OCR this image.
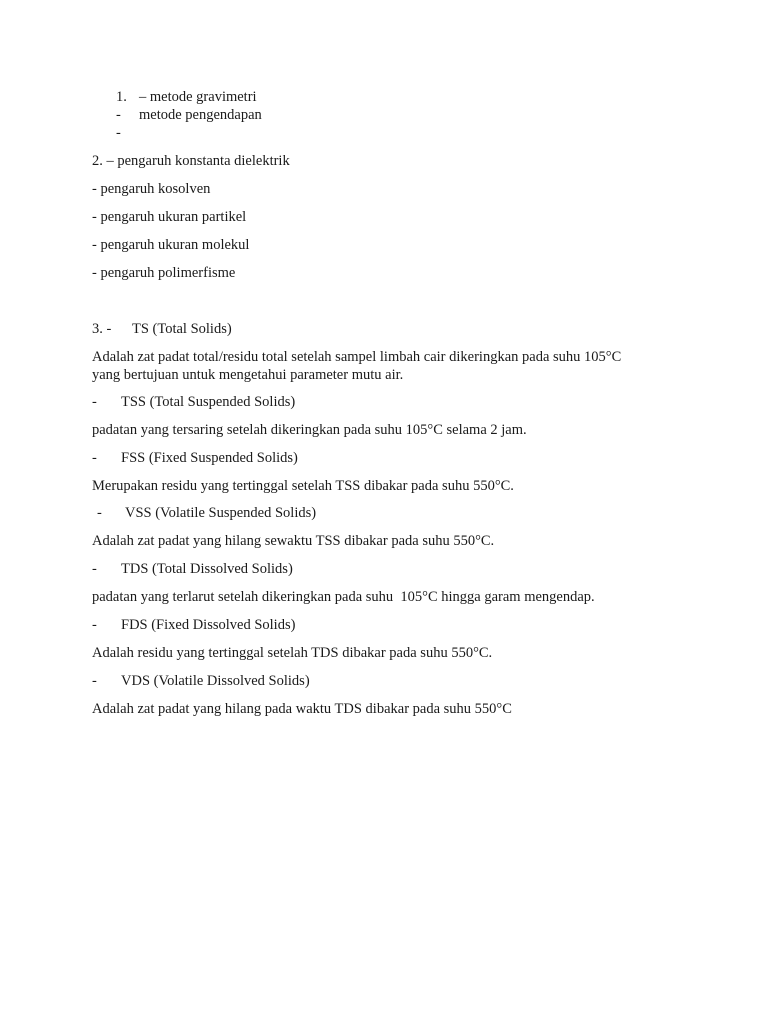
1. – metode gravimetri
- metode pengendapan
-
2. – pengaruh konstanta dielektrik
- pengaruh kosolven
- pengaruh ukuran partikel
- pengaruh ukuran molekul
- pengaruh polimerfisme
3. - TS (Total Solids)
Adalah zat padat total/residu total setelah sampel limbah cair dikeringkan pada suhu 105°C
yang bertujuan untuk mengetahui parameter mutu air.
- TSS (Total Suspended Solids)
padatan yang tersaring setelah dikeringkan pada suhu 105°C selama 2 jam.
- FSS (Fixed Suspended Solids)
Merupakan residu yang tertinggal setelah TSS dibakar pada suhu 550°C.
- VSS (Volatile Suspended Solids)
Adalah zat padat yang hilang sewaktu TSS dibakar pada suhu 550°C.
- TDS (Total Dissolved Solids)
padatan yang terlarut setelah dikeringkan pada suhu  105°C hingga garam mengendap.
- FDS (Fixed Dissolved Solids)
Adalah residu yang tertinggal setelah TDS dibakar pada suhu 550°C.
- VDS (Volatile Dissolved Solids)
Adalah zat padat yang hilang pada waktu TDS dibakar pada suhu 550°C
